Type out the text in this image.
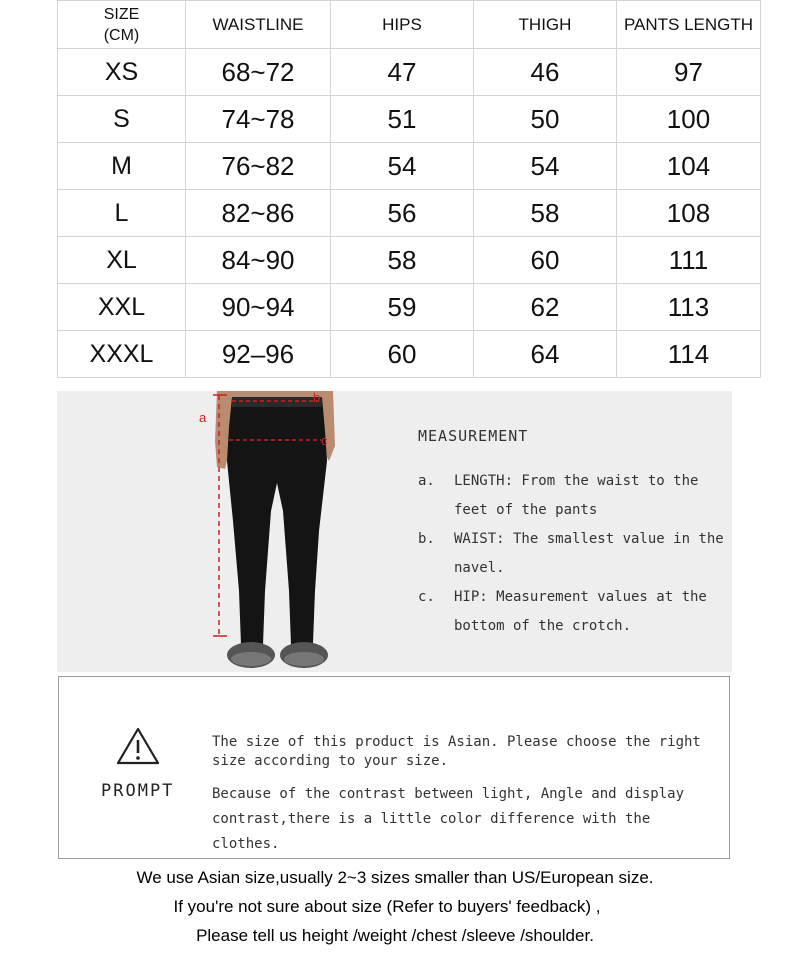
SIZE
(CM)	WAISTLINE	HIPS	THIGH	PANTS LENGTH
XS	68~72	47	46	97
S	74~78	51	50	100
M	76~82	54	54	104
L	82~86	56	58	108
XL	84~90	58	60	111
XXL	90~94	59	62	113
XXXL	92–96	60	64	114
a
b
c	MEASUREMENT
a.	LENGTH: From the waist to the feet of the pants
b.	WAIST: The smallest value in the navel.
c.	HIP: Measurement values at the bottom of the crotch.
PROMPT
The size of this product is Asian. Please choose the right size according to your size.
Because of the contrast between light, Angle and display contrast,there is a little color difference with the clothes.
We use Asian size,usually 2~3 sizes smaller than US/European size.
If you're not sure about size (Refer to buyers' feedback) ,
Please tell us height /weight /chest /sleeve /shoulder.
